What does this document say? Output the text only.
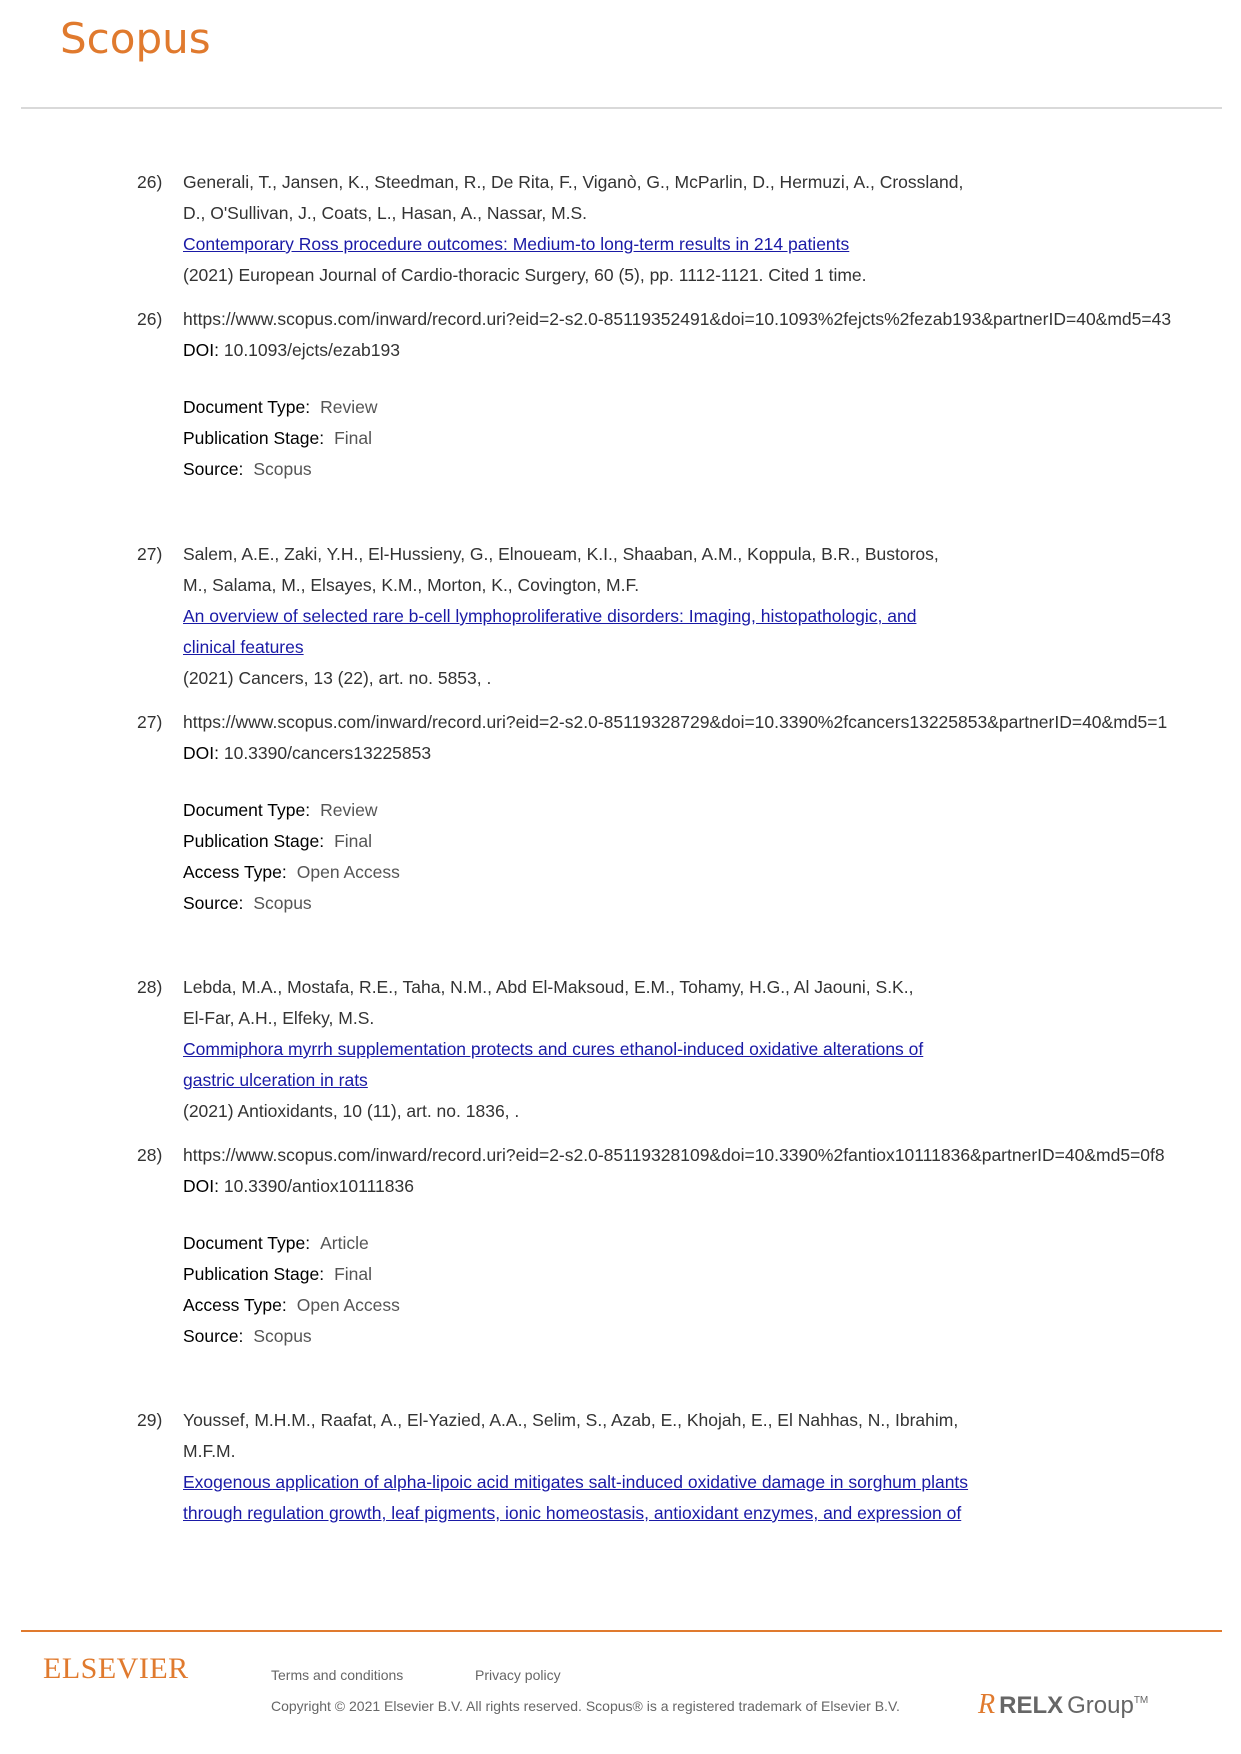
Scopus
26) Generali, T., Jansen, K., Steedman, R., De Rita, F., Viganò, G., McParlin, D., Hermuzi, A., Crossland,
D., O'Sullivan, J., Coats, L., Hasan, A., Nassar, M.S.
Contemporary Ross procedure outcomes: Medium-to long-term results in 214 patients
(2021) European Journal of Cardio-thoracic Surgery, 60 (5), pp. 1112-1121. Cited 1 time.
26) https://www.scopus.com/inward/record.uri?eid=2-s2.0-85119352491&doi=10.1093%2fejcts%2fezab193&partnerID=40&md5=43
DOI: 10.1093/ejcts/ezab193
Document Type: Review
Publication Stage: Final
Source: Scopus
27) Salem, A.E., Zaki, Y.H., El-Hussieny, G., Elnoueam, K.I., Shaaban, A.M., Koppula, B.R., Bustoros,
M., Salama, M., Elsayes, K.M., Morton, K., Covington, M.F.
An overview of selected rare b-cell lymphoproliferative disorders: Imaging, histopathologic, and
clinical features
(2021) Cancers, 13 (22), art. no. 5853, .
27) https://www.scopus.com/inward/record.uri?eid=2-s2.0-85119328729&doi=10.3390%2fcancers13225853&partnerID=40&md5=1
DOI: 10.3390/cancers13225853
Document Type: Review
Publication Stage: Final
Access Type: Open Access
Source: Scopus
28) Lebda, M.A., Mostafa, R.E., Taha, N.M., Abd El-Maksoud, E.M., Tohamy, H.G., Al Jaouni, S.K.,
El-Far, A.H., Elfeky, M.S.
Commiphora myrrh supplementation protects and cures ethanol-induced oxidative alterations of
gastric ulceration in rats
(2021) Antioxidants, 10 (11), art. no. 1836, .
28) https://www.scopus.com/inward/record.uri?eid=2-s2.0-85119328109&doi=10.3390%2fantiox10111836&partnerID=40&md5=0f8
DOI: 10.3390/antiox10111836
Document Type: Article
Publication Stage: Final
Access Type: Open Access
Source: Scopus
29) Youssef, M.H.M., Raafat, A., El-Yazied, A.A., Selim, S., Azab, E., Khojah, E., El Nahhas, N., Ibrahim,
M.F.M.
Exogenous application of alpha-lipoic acid mitigates salt-induced oxidative damage in sorghum plants
through regulation growth, leaf pigments, ionic homeostasis, antioxidant enzymes, and expression of
ELSEVIER	Terms and conditions	Privacy policy
Copyright © 2021 Elsevier B.V. All rights reserved. Scopus® is a registered trademark of Elsevier B.V.	R RELX Group TM
